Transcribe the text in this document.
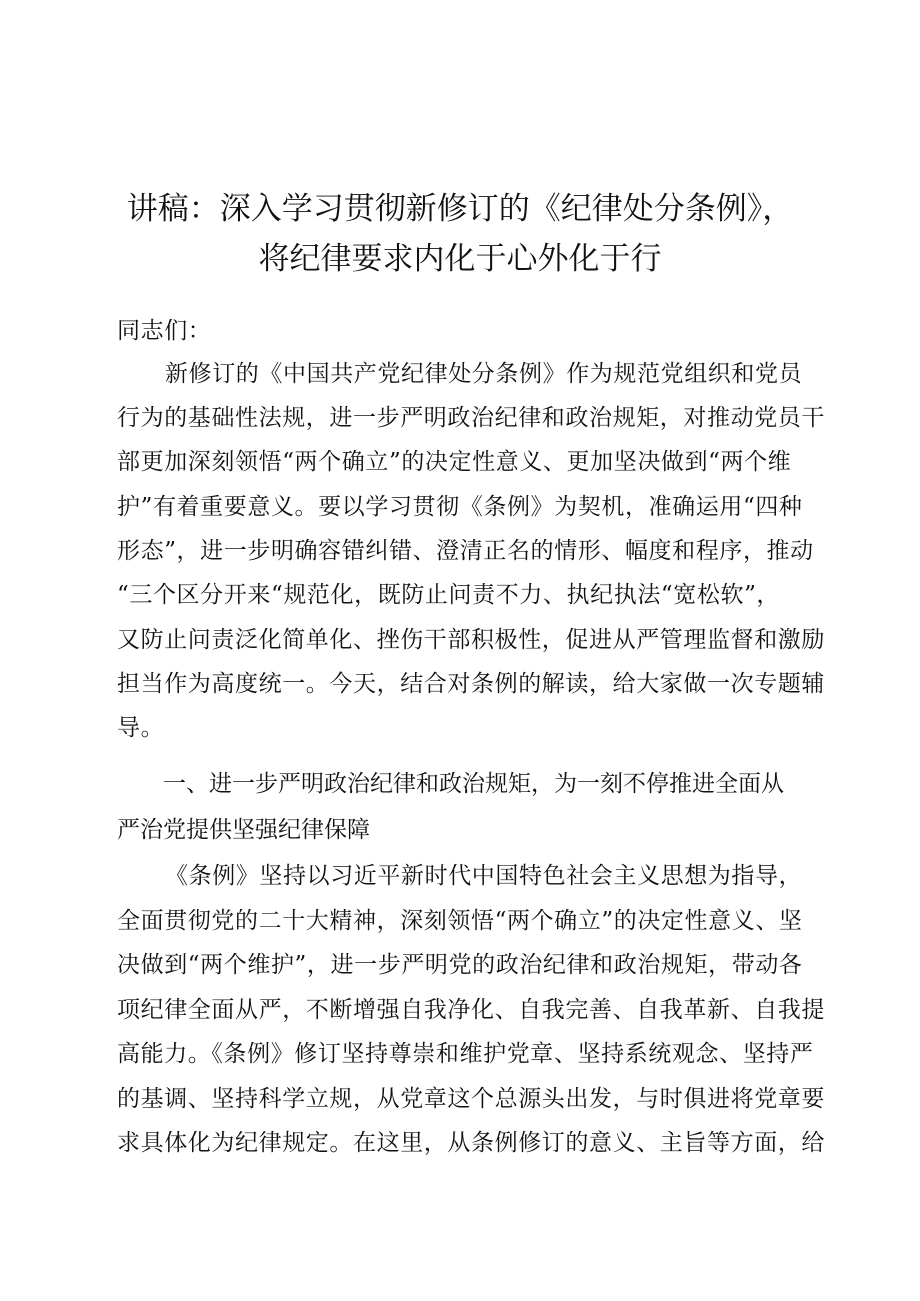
讲稿：深入学习贯彻新修订的《纪律处分条例》，
将纪律要求内化于心外化于行
同志们：
新修订的《中国共产党纪律处分条例》作为规范党组织和党员
行为的基础性法规，进一步严明政治纪律和政治规矩，对推动党员干
部更加深刻领悟“两个确立”的决定性意义、更加坚决做到“两个维
护”有着重要意义。要以学习贯彻《条例》为契机，准确运用“四种
形态”，进一步明确容错纠错、澄清正名的情形、幅度和程序，推动
“三个区分开来“规范化，既防止问责不力、执纪执法“宽松软”，
又防止问责泛化简单化、挫伤干部积极性，促进从严管理监督和激励
担当作为高度统一。今天，结合对条例的解读，给大家做一次专题辅
导。
一、进一步严明政治纪律和政治规矩，为一刻不停推进全面从
严治党提供坚强纪律保障
《条例》坚持以习近平新时代中国特色社会主义思想为指导，
全面贯彻党的二十大精神，深刻领悟“两个确立”的决定性意义、坚
决做到“两个维护”，进一步严明党的政治纪律和政治规矩，带动各
项纪律全面从严，不断增强自我净化、自我完善、自我革新、自我提
高能力。《条例》修订坚持尊崇和维护党章、坚持系统观念、坚持严
的基调、坚持科学立规，从党章这个总源头出发，与时俱进将党章要
求具体化为纪律规定。在这里，从条例修订的意义、主旨等方面，给
